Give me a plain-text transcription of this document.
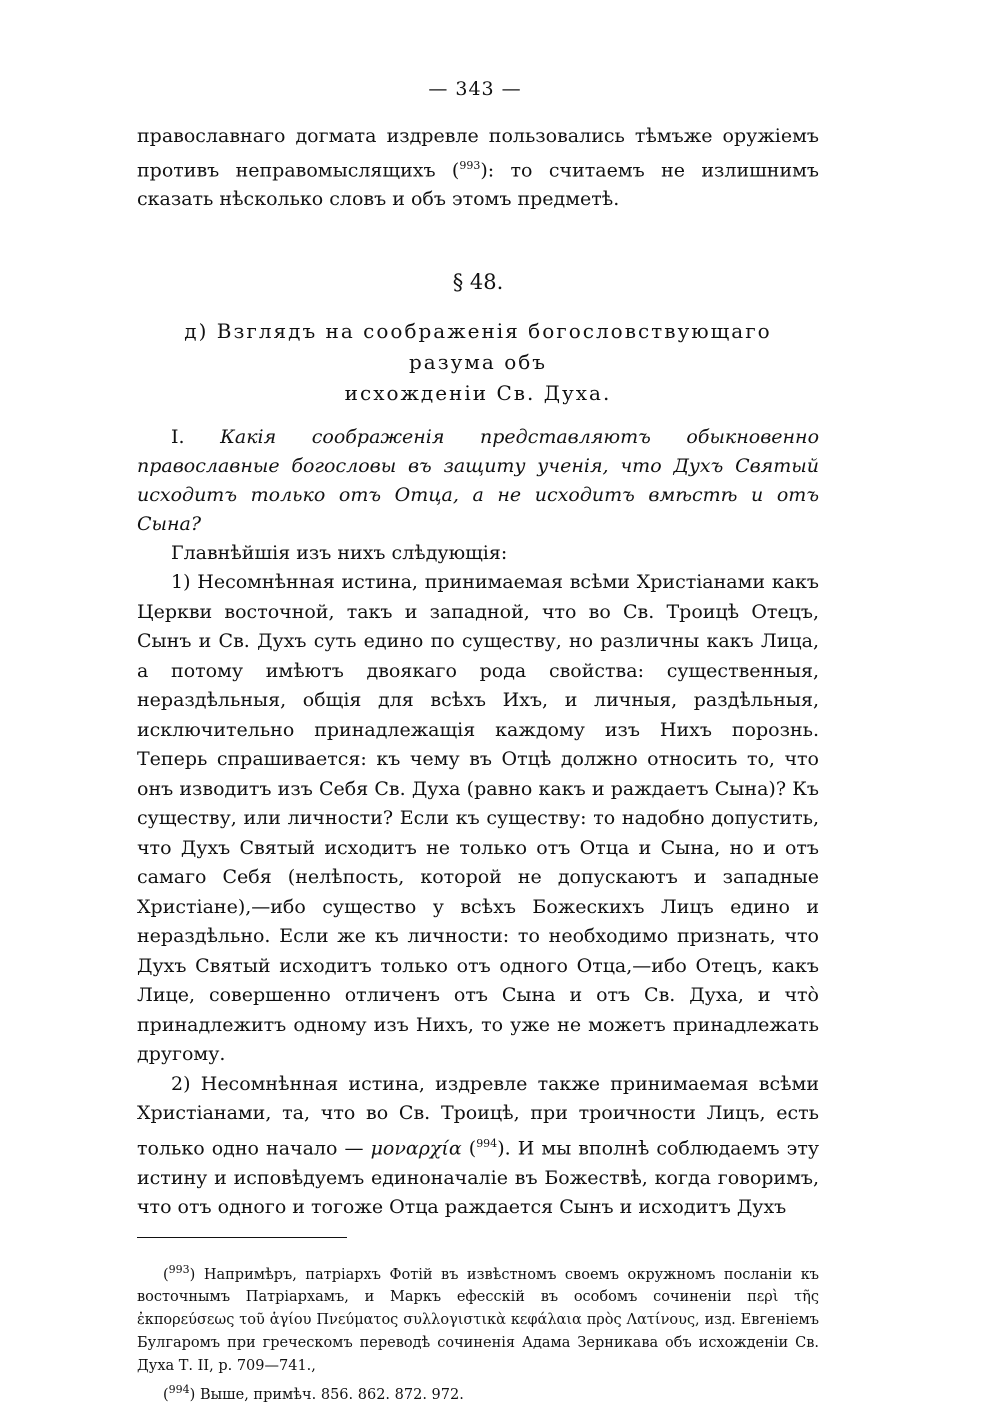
— 343 —

православнаго догмата издревле пользовались тѣмъже оружіемъ противъ неправомыслящихъ ($^{993}$): то считаемъ не излишнимъ сказать нѣсколько словъ и объ этомъ предметѣ.

§ 48.

д) Взглядъ на соображенія богословствующаго разума объ
исхожденіи Св. Духа.

I. Какія соображенія представляютъ обыкновенно православные богословы въ защиту ученія, что Духъ Святый исходитъ только отъ Отца, а не исходитъ вмѣстѣ и отъ Сына?

Главнѣйшія изъ нихъ слѣдующія:

1) Несомнѣнная истина, принимаемая всѣми Христіанами какъ Церкви восточной, такъ и западной, что во Св. Троицѣ Отецъ, Сынъ и Св. Духъ суть едино по существу, но различны какъ Лица, а потому имѣютъ двоякаго рода свойства: существенныя, нераздѣльныя, общія для всѣхъ Ихъ, и личныя, раздѣльныя, исключительно принадлежащія каждому изъ Нихъ порознь. Теперь спрашивается: къ чему въ Отцѣ должно относить то, что онъ изводитъ изъ Себя Св. Духа (равно какъ и раждаетъ Сына)? Къ существу, или личности? Если къ существу: то надобно допустить, что Духъ Святый исходитъ не только отъ Отца и Сына, но и отъ самаго Себя (нелѣпость, которой не допускаютъ и западные Христіане),—ибо существо у всѣхъ Божескихъ Лицъ едино и нераздѣльно. Если же къ личности: то необходимо признать, что Духъ Святый исходитъ только отъ одного Отца,—ибо Отецъ, какъ Лице, совершенно отличенъ отъ Сына и отъ Св. Духа, и что̀ принадлежитъ одному изъ Нихъ, то уже не можетъ принадлежать другому.

2) Несомнѣнная истина, издревле также принимаемая всѣми Христіанами, та, что во Св. Троицѣ, при троичности Лицъ, есть только одно начало — μοναρχία ($^{994}$). И мы вполнѣ соблюдаемъ эту истину и исповѣдуемъ единоначаліе въ Божествѣ, когда говоримъ, что отъ одного и тогоже Отца раждается Сынъ и исходитъ Духъ

($^{993}$) Напримѣръ, патріархъ Фотій въ извѣстномъ своемъ окружномъ посланіи къ восточнымъ Патріархамъ, и Маркъ ефесскій въ особомъ сочиненіи περὶ τῆς ἐκπορεύσεως τοῦ ἁγίου Πνεύματος συλλογιστικὰ κεφάλαια πρὸς Λατίνους, изд. Евгеніемъ Булгаромъ при греческомъ переводѣ сочиненія Адама Зерникава объ исхожденіи Св. Духа Т. II, p. 709—741.,

($^{994}$) Выше, примѣч. 856. 862. 872. 972.
